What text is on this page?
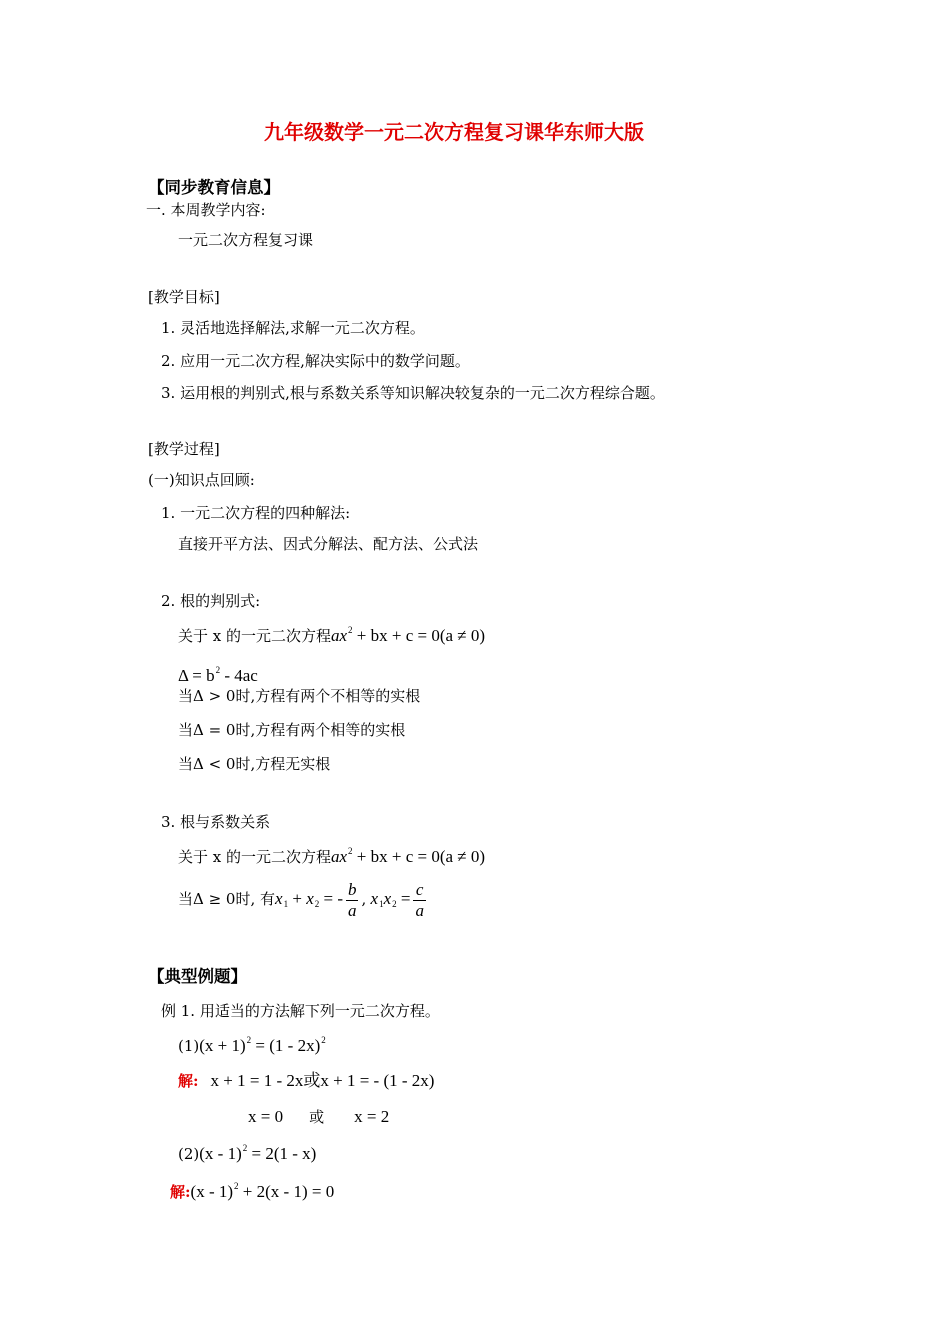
九年级数学一元二次方程复习课华东师大版
【同步教育信息】
一. 本周教学内容:
一元二次方程复习课
[教学目标]
1. 灵活地选择解法,求解一元二次方程。
2. 应用一元二次方程,解决实际中的数学问题。
3. 运用根的判别式,根与系数关系等知识解决较复杂的一元二次方程综合题。
[教学过程]
(一)知识点回顾:
1. 一元二次方程的四种解法:
直接开平方法、因式分解法、配方法、公式法
2. 根的判别式:
关于 x 的一元二次方程$ax^2$ + bx + c = 0(a ≠ 0)
$\Delta = b^2 - 4ac$
当Δ > 0时,方程有两个不相等的实根
当Δ = 0时,方程有两个相等的实根
当Δ < 0时,方程无实根
3. 根与系数关系
关于 x 的一元二次方程$ax^2$ + bx + c = 0(a ≠ 0)
当Δ ≥ 0时, 有$x_1 + x_2$ = - $\frac{b}{a}$ , $x_1x_2 = \frac{c}{a}$
【典型例题】
例 1. 用适当的方法解下列一元二次方程。
$(1)(x + 1)^2 = (1 - 2x)^2$
解: x + 1 = 1 - 2x或x + 1 = - (1 - 2x)
x = 0 或 x = 2
(2)(x - 1)$^2$ = 2(1 - x)
解:(x - 1)$^2$ + 2(x - 1) = 0
